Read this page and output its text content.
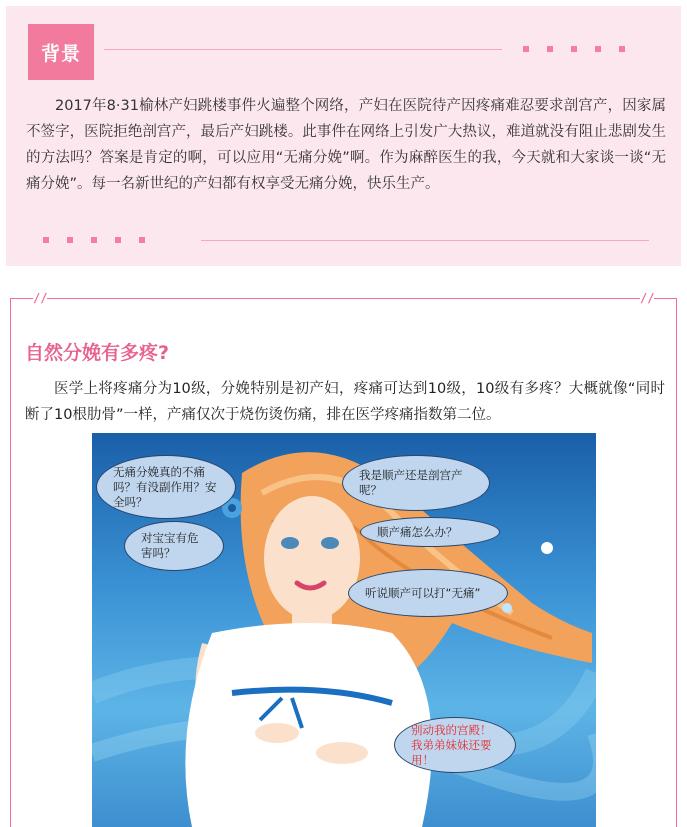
背景

2017年8·31榆林产妇跳楼事件火遍整个网络，产妇在医院待产因疼痛难忍要求剖宫产，因家属不签字，医院拒绝剖宫产，最后产妇跳楼。此事件在网络上引发广大热议，难道就没有阻止悲剧发生的方法吗？答案是肯定的啊，可以应用“无痛分娩”啊。作为麻醉医生的我，今天就和大家谈一谈“无痛分娩”。每一名新世纪的产妇都有权享受无痛分娩，快乐生产。

//	//
自然分娩有多疼?

医学上将疼痛分为10级，分娩特别是初产妇，疼痛可达到10级，10级有多疼？大概就像“同时断了10根肋骨”一样，产痛仅次于烧伤烫伤痛，排在医学疼痛指数第二位。

无痛分娩真的不痛吗？有没副作用？安全吗？
我是顺产还是剖宫产呢？
顺产痛怎么办？
对宝宝有危害吗？
听说顺产可以打“无痛”
别动我的宫殿！我弟弟妹妹还要用！
